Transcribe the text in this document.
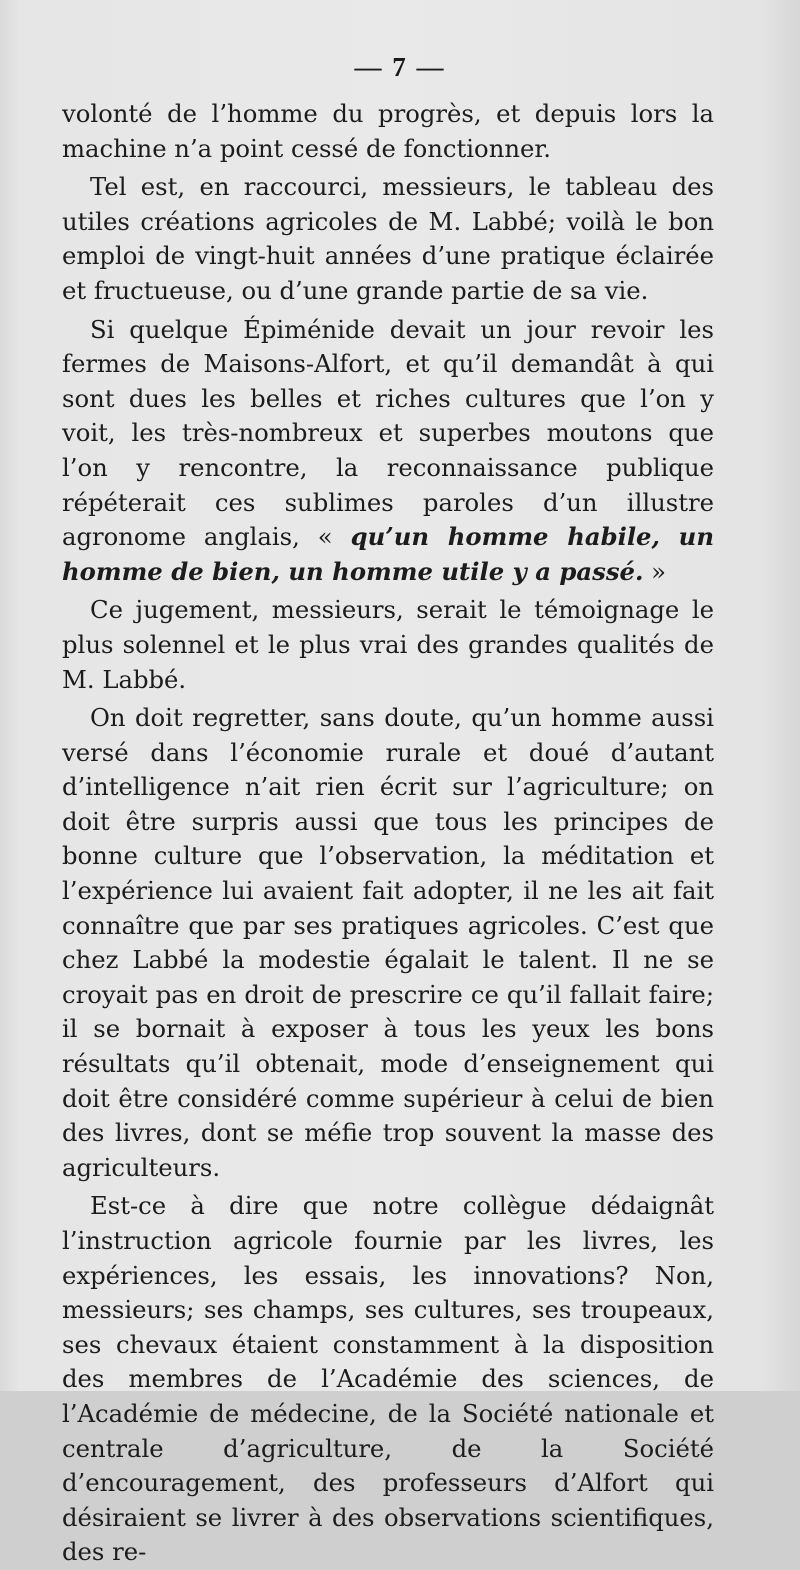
— 7 —

volonté de l’homme du progrès, et depuis lors la machine n’a point cessé de fonctionner.

Tel est, en raccourci, messieurs, le tableau des utiles créations agricoles de M. Labbé; voilà le bon emploi de vingt-huit années d’une pratique éclairée et fructueuse, ou d’une grande partie de sa vie.

Si quelque Épiménide devait un jour revoir les fermes de Maisons-Alfort, et qu’il demandât à qui sont dues les belles et riches cultures que l’on y voit, les très-nombreux et superbes moutons que l’on y rencontre, la reconnaissance publique répéterait ces sublimes paroles d’un illustre agronome anglais, « qu’un homme habile, un homme de bien, un homme utile y a passé. »

Ce jugement, messieurs, serait le témoignage le plus solennel et le plus vrai des grandes qualités de M. Labbé.

On doit regretter, sans doute, qu’un homme aussi versé dans l’économie rurale et doué d’autant d’intelligence n’ait rien écrit sur l’agriculture; on doit être surpris aussi que tous les principes de bonne culture que l’observation, la méditation et l’expérience lui avaient fait adopter, il ne les ait fait connaître que par ses pratiques agricoles. C’est que chez Labbé la modestie égalait le talent. Il ne se croyait pas en droit de prescrire ce qu’il fallait faire; il se bornait à exposer à tous les yeux les bons résultats qu’il obtenait, mode d’enseignement qui doit être considéré comme supérieur à celui de bien des livres, dont se méfie trop souvent la masse des agriculteurs.

Est-ce à dire que notre collègue dédaignât l’instruction agricole fournie par les livres, les expériences, les essais, les innovations? Non, messieurs; ses champs, ses cultures, ses troupeaux, ses chevaux étaient constamment à la disposition des membres de l’Académie des sciences, de l’Académie de médecine, de la Société nationale et centrale d’agriculture, de la Société d’encouragement, des professeurs d’Alfort qui désiraient se livrer à des observations scientifiques, des re-
